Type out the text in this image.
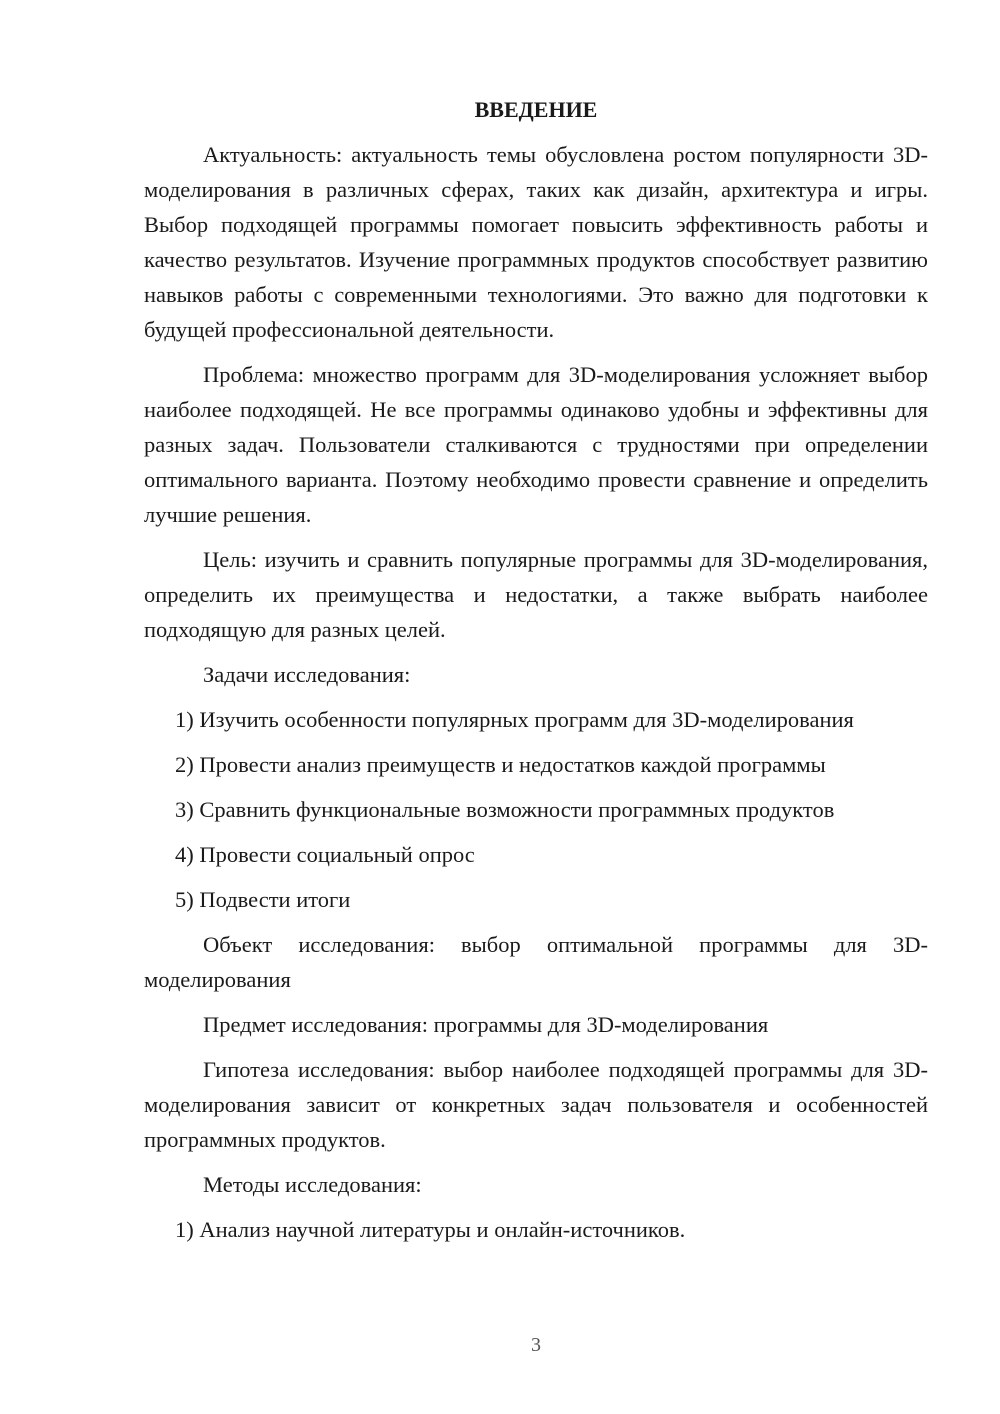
ВВЕДЕНИЕ

Актуальность: актуальность темы обусловлена ростом популярности 3D-моделирования в различных сферах, таких как дизайн, архитектура и игры. Выбор подходящей программы помогает повысить эффективность работы и качество результатов. Изучение программных продуктов способствует развитию навыков работы с современными технологиями. Это важно для подготовки к будущей профессиональной деятельности.

Проблема: множество программ для 3D-моделирования усложняет выбор наиболее подходящей. Не все программы одинаково удобны и эффективны для разных задач. Пользователи сталкиваются с трудностями при определении оптимального варианта. Поэтому необходимо провести сравнение и определить лучшие решения.

Цель: изучить и сравнить популярные программы для 3D-моделирования, определить их преимущества и недостатки, а также выбрать наиболее подходящую для разных целей.

Задачи исследования:

1) Изучить особенности популярных программ для 3D-моделирования
2) Провести анализ преимуществ и недостатков каждой программы
3) Сравнить функциональные возможности программных продуктов
4) Провести социальный опрос
5) Подвести итоги

Объект исследования: выбор оптимальной программы для 3D-моделирования

Предмет исследования: программы для 3D-моделирования

Гипотеза исследования: выбор наиболее подходящей программы для 3D-моделирования зависит от конкретных задач пользователя и особенностей программных продуктов.

Методы исследования:

1) Анализ научной литературы и онлайн-источников.
3
